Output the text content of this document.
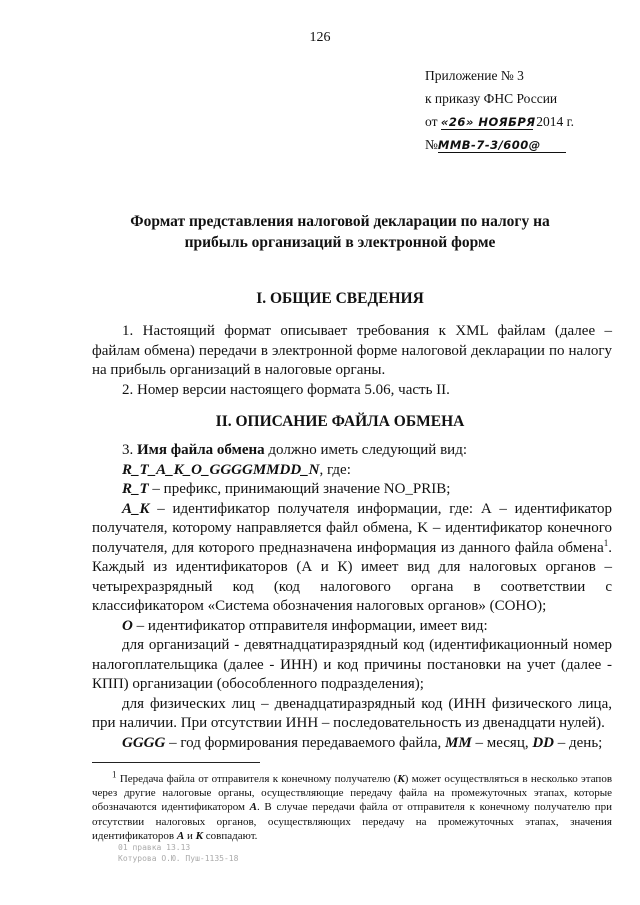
126
Приложение № 3
к приказу ФНС России
от «26» НОЯБРЯ 2014 г.
№ММВ-7-3/600@
Формат представления налоговой декларации по налогу на
прибыль организаций в электронной форме
I. ОБЩИЕ СВЕДЕНИЯ

1. Настоящий формат описывает требования к XML файлам (далее – файлам обмена) передачи в электронной форме налоговой декларации по налогу на прибыль организаций в налоговые органы.

2. Номер версии настоящего формата 5.06, часть II.

II. ОПИСАНИЕ ФАЙЛА ОБМЕНА

3. Имя файла обмена должно иметь следующий вид:

R_T_A_K_O_GGGGMMDD_N, где:

R_T – префикс, принимающий значение NO_PRIB;

A_K – идентификатор получателя информации, где: А – идентификатор получателя, которому направляется файл обмена, K – идентификатор конечного получателя, для которого предназначена информация из данного файла обмена$^1$. Каждый из идентификаторов (А и К) имеет вид для налоговых органов – четырехразрядный код (код налогового органа в соответствии с классификатором «Система обозначения налоговых органов» (СОНО);

O – идентификатор отправителя информации, имеет вид:

для организаций - девятнадцатиразрядный код (идентификационный номер налогоплательщика (далее - ИНН) и код причины постановки на учет (далее - КПП) организации (обособленного подразделения);

для физических лиц – двенадцатиразрядный код (ИНН физического лица, при наличии. При отсутствии ИНН – последовательность из двенадцати нулей).

GGGG – год формирования передаваемого файла, MM – месяц, DD – день;

$^1$ Передача файла от отправителя к конечному получателю (К) может осуществляться в несколько этапов через другие налоговые органы, осуществляющие передачу файла на промежуточных этапах, которые обозначаются идентификатором А. В случае передачи файла от отправителя к конечному получателю при отсутствии налоговых органов, осуществляющих передачу на промежуточных этапах, значения идентификаторов А и К совпадают.

01 правка 13.13
Котурова О.Ю. Пуш-1135-18
